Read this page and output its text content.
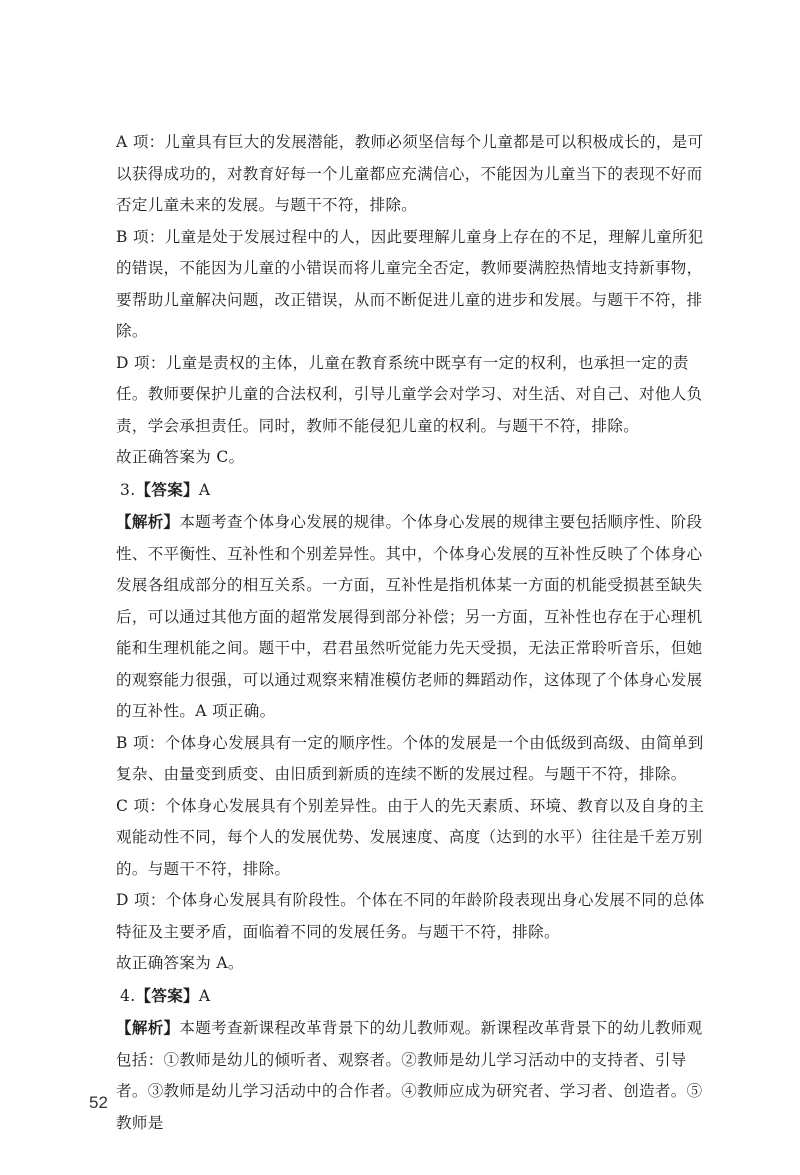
A 项：儿童具有巨大的发展潜能，教师必须坚信每个儿童都是可以积极成长的，是可以获得成功的，对教育好每一个儿童都应充满信心，不能因为儿童当下的表现不好而否定儿童未来的发展。与题干不符，排除。

B 项：儿童是处于发展过程中的人，因此要理解儿童身上存在的不足，理解儿童所犯的错误，不能因为儿童的小错误而将儿童完全否定，教师要满腔热情地支持新事物，要帮助儿童解决问题，改正错误，从而不断促进儿童的进步和发展。与题干不符，排除。

D 项：儿童是责权的主体，儿童在教育系统中既享有一定的权利，也承担一定的责任。教师要保护儿童的合法权利，引导儿童学会对学习、对生活、对自己、对他人负责，学会承担责任。同时，教师不能侵犯儿童的权利。与题干不符，排除。

故正确答案为 C。

3.【答案】A

【解析】本题考查个体身心发展的规律。个体身心发展的规律主要包括顺序性、阶段性、不平衡性、互补性和个别差异性。其中，个体身心发展的互补性反映了个体身心发展各组成部分的相互关系。一方面，互补性是指机体某一方面的机能受损甚至缺失后，可以通过其他方面的超常发展得到部分补偿；另一方面，互补性也存在于心理机能和生理机能之间。题干中，君君虽然听觉能力先天受损，无法正常聆听音乐，但她的观察能力很强，可以通过观察来精准模仿老师的舞蹈动作，这体现了个体身心发展的互补性。A 项正确。

B 项：个体身心发展具有一定的顺序性。个体的发展是一个由低级到高级、由简单到复杂、由量变到质变、由旧质到新质的连续不断的发展过程。与题干不符，排除。

C 项：个体身心发展具有个别差异性。由于人的先天素质、环境、教育以及自身的主观能动性不同，每个人的发展优势、发展速度、高度（达到的水平）往往是千差万别的。与题干不符，排除。

D 项：个体身心发展具有阶段性。个体在不同的年龄阶段表现出身心发展不同的总体特征及主要矛盾，面临着不同的发展任务。与题干不符，排除。

故正确答案为 A。

4.【答案】A

【解析】本题考查新课程改革背景下的幼儿教师观。新课程改革背景下的幼儿教师观包括：①教师是幼儿的倾听者、观察者。②教师是幼儿学习活动中的支持者、引导者。③教师是幼儿学习活动中的合作者。④教师应成为研究者、学习者、创造者。⑤教师是

52
